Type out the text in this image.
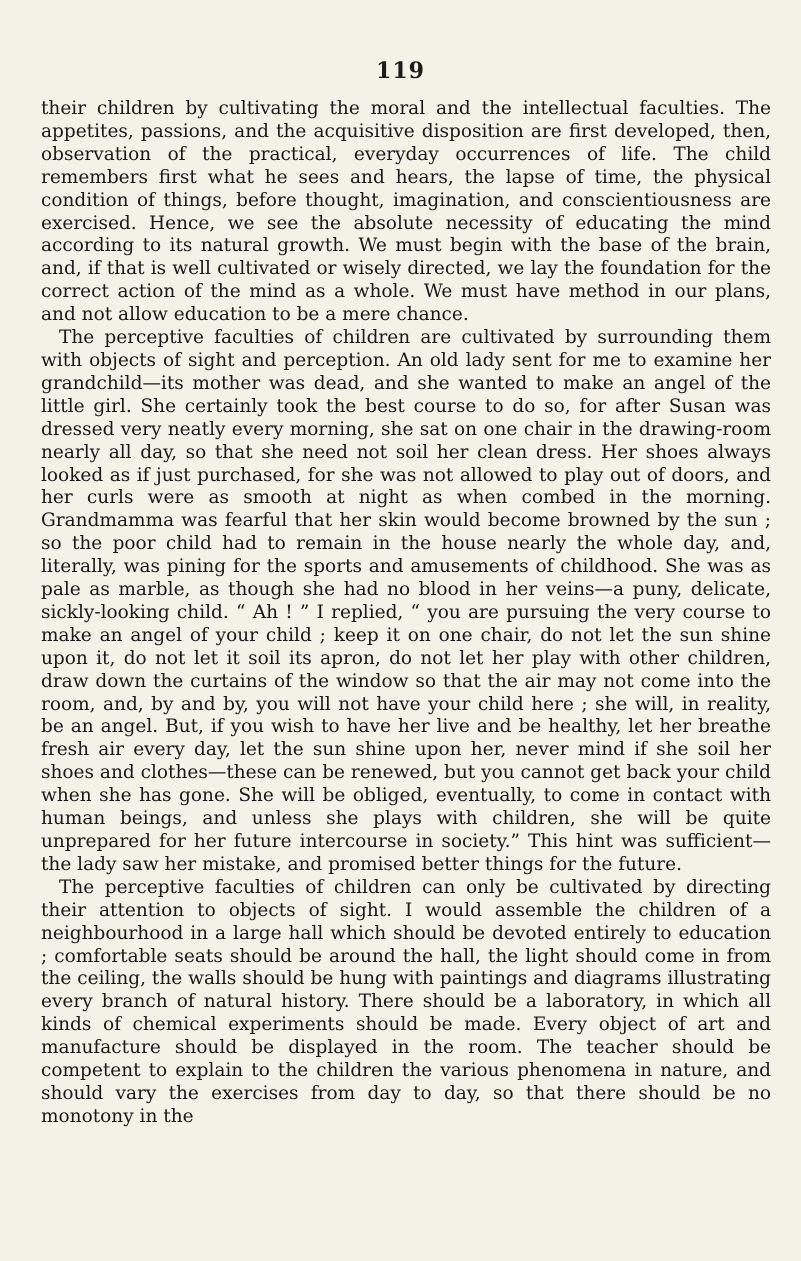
119

their children by cultivating the moral and the intellectual faculties. The appetites, passions, and the acquisitive disposition are first developed, then, observation of the practical, everyday occurrences of life. The child remembers first what he sees and hears, the lapse of time, the physical condition of things, before thought, imagination, and conscientiousness are exercised. Hence, we see the absolute necessity of educating the mind according to its natural growth. We must begin with the base of the brain, and, if that is well cultivated or wisely directed, we lay the foundation for the correct action of the mind as a whole. We must have method in our plans, and not allow education to be a mere chance.

The perceptive faculties of children are cultivated by surrounding them with objects of sight and perception. An old lady sent for me to examine her grandchild—its mother was dead, and she wanted to make an angel of the little girl. She certainly took the best course to do so, for after Susan was dressed very neatly every morning, she sat on one chair in the drawing-room nearly all day, so that she need not soil her clean dress. Her shoes always looked as if just purchased, for she was not allowed to play out of doors, and her curls were as smooth at night as when combed in the morning. Grandmamma was fearful that her skin would become browned by the sun ; so the poor child had to remain in the house nearly the whole day, and, literally, was pining for the sports and amusements of childhood. She was as pale as marble, as though she had no blood in her veins—a puny, delicate, sickly-looking child. “ Ah ! ” I replied, “ you are pursuing the very course to make an angel of your child ; keep it on one chair, do not let the sun shine upon it, do not let it soil its apron, do not let her play with other children, draw down the curtains of the window so that the air may not come into the room, and, by and by, you will not have your child here ; she will, in reality, be an angel. But, if you wish to have her live and be healthy, let her breathe fresh air every day, let the sun shine upon her, never mind if she soil her shoes and clothes—these can be renewed, but you cannot get back your child when she has gone. She will be obliged, eventually, to come in contact with human beings, and unless she plays with children, she will be quite unprepared for her future intercourse in society.” This hint was sufficient—the lady saw her mistake, and promised better things for the future.

The perceptive faculties of children can only be cultivated by directing their attention to objects of sight. I would assemble the children of a neighbourhood in a large hall which should be devoted entirely to education ; comfortable seats should be around the hall, the light should come in from the ceiling, the walls should be hung with paintings and diagrams illustrating every branch of natural history. There should be a laboratory, in which all kinds of chemical experiments should be made. Every object of art and manufacture should be displayed in the room. The teacher should be competent to explain to the children the various phenomena in nature, and should vary the exercises from day to day, so that there should be no monotony in the
